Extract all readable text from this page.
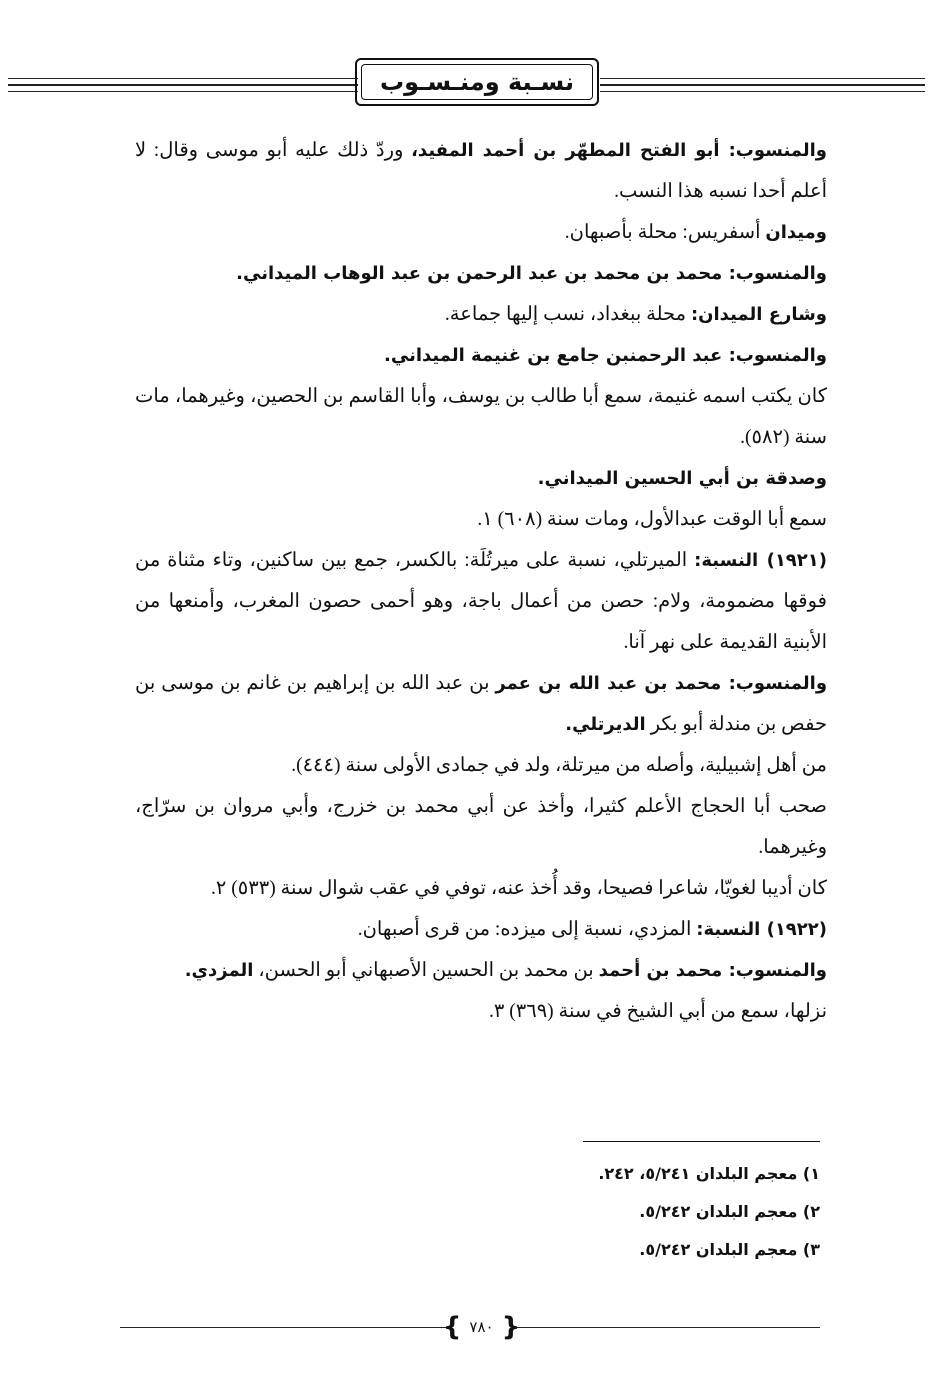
نسـبة ومنـسـوب

والمنسوب: أبو الفتح المطهّر بن أحمد المفيد، وردّ ذلك عليه أبو موسى وقال: لا أعلم أحدا نسبه هذا النسب.

وميدان أسفريس: محلة بأصبهان.

والمنسوب: محمد بن محمد بن عبد الرحمن بن عبد الوهاب الميداني.

وشارع الميدان: محلة ببغداد، نسب إليها جماعة.

والمنسوب: عبد الرحمنبن جامع بن غنيمة الميداني.

كان يكتب اسمه غنيمة، سمع أبا طالب بن يوسف، وأبا القاسم بن الحصين، وغيرهما، مات سنة (٥٨٢).

وصدقة بن أبي الحسين الميداني.

سمع أبا الوقت عبدالأول، ومات سنة (٦٠٨) ١.

(١٩٢١) النسبة: الميرتلي، نسبة على ميرتُلَة: بالكسر، جمع بين ساكنين، وتاء مثناة من فوقها مضمومة، ولام: حصن من أعمال باجة، وهو أحمى حصون المغرب، وأمنعها من الأبنية القديمة على نهر آنا.

والمنسوب: محمد بن عبد الله بن عمر بن عبد الله بن إبراهيم بن غانم بن موسى بن حفص بن مندلة أبو بكر الديرتلي.

من أهل إشبيلية، وأصله من ميرتلة، ولد في جمادى الأولى سنة (٤٤٤).

صحب أبا الحجاج الأعلم كثيرا، وأخذ عن أبي محمد بن خزرج، وأبي مروان بن سرّاج، وغيرهما.

كان أديبا لغويّا، شاعرا فصيحا، وقد أُخذ عنه، توفي في عقب شوال سنة (٥٣٣) ٢.

(١٩٢٢) النسبة: المزدي، نسبة إلى ميزده: من قرى أصبهان.

والمنسوب: محمد بن أحمد بن محمد بن الحسين الأصبهاني أبو الحسن، المزدي.

نزلها، سمع من أبي الشيخ في سنة (٣٦٩) ٣.

١) معجم البلدان ٥/٢٤١، ٢٤٢.

٢) معجم البلدان ٥/٢٤٢.

٣) معجم البلدان ٥/٢٤٢.

{ ٧٨٠ }
